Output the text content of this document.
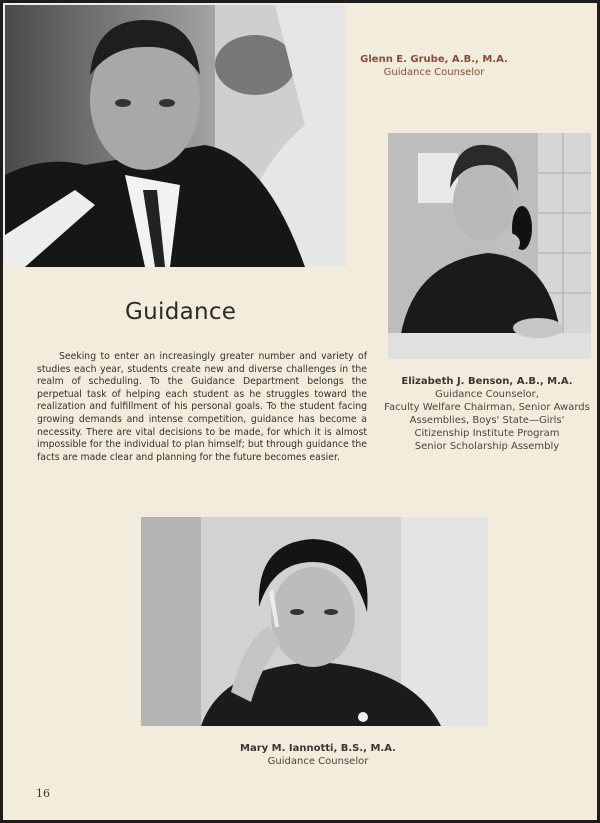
Glenn E. Grube, A.B., M.A.
Guidance Counselor
Elizabeth J. Benson, A.B., M.A.
Guidance Counselor,
Faculty Welfare Chairman, Senior Awards
Assemblies, Boys' State—Girls'
Citizenship Institute Program
Senior Scholarship Assembly
Guidance
Seeking to enter an increasingly greater number and variety of studies each year, students create new and diverse challenges in the realm of scheduling. To the Guidance Department belongs the perpetual task of helping each student as he struggles toward the realization and fulfillment of his personal goals. To the student facing growing demands and intense competition, guidance has become a necessity. There are vital decisions to be made, for which it is almost impossible for the individual to plan himself; but through guidance the facts are made clear and planning for the future becomes easier.
Mary M. Iannotti, B.S., M.A.
Guidance Counselor
16
